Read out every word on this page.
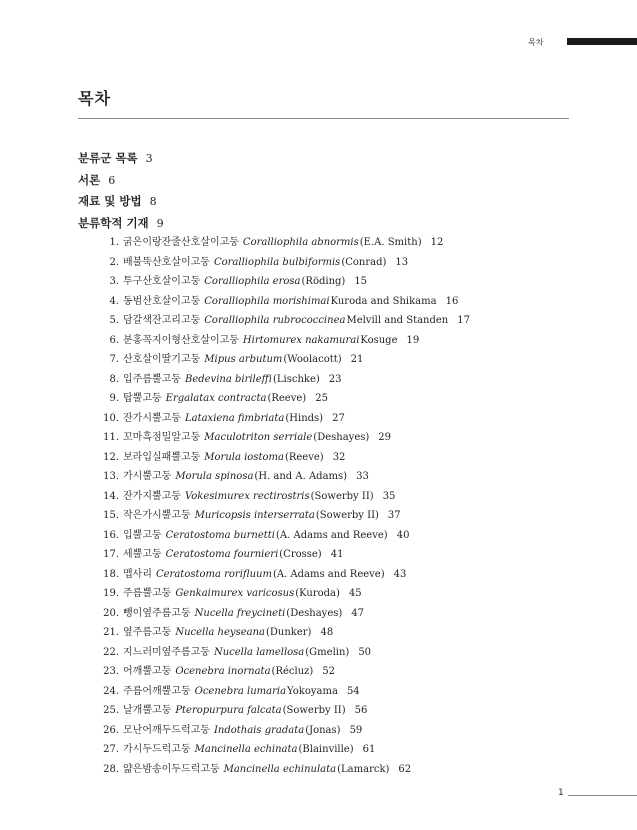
목차
목차
분류군 목록 3
서론 6
재료 및 방법 8
분류학적 기재 9
1. 굵은이랑잔줄산호살이고둥 Coralliophila abnormis(E.A. Smith) 12
2. 배불뚝산호살이고둥 Coralliophila bulbiformis(Conrad) 13
3. 투구산호살이고둥 Coralliophila erosa(Röding) 15
4. 동범산호살이고둥 Coralliophila morishimaiKuroda and Shikama 16
5. 담갈색잔고리고둥 Coralliophila rubrococcineaMelvill and Standen 17
6. 분홍꼭지이형산호살이고둥 Hirtomurex nakamuraiKosuge 19
7. 산호살이딸기고둥 Mipus arbutum(Woolacott) 21
8. 입주름뿔고둥 Bedevina birileffi(Lischke) 23
9. 탑뿔고둥 Ergalatax contracta(Reeve) 25
10. 잔가시뿔고둥 Lataxiena fimbriata(Hinds) 27
11. 꼬마흑점밀알고둥 Maculotriton serriale(Deshayes) 29
12. 보라입실패뿔고둥 Morula iostoma(Reeve) 32
13. 가시뿔고둥 Morula spinosa(H. and A. Adams) 33
14. 잔가지뿔고둥 Vokesimurex rectirostris(Sowerby II) 35
15. 작은가시뿔고둥 Muricopsis interserrata(Sowerby II) 37
16. 입뿔고둥 Ceratostoma burnetti(A. Adams and Reeve) 40
17. 세뿔고둥 Ceratostoma fournieri(Crosse) 41
18. 맵사리 Ceratostoma rorifluum(A. Adams and Reeve) 43
19. 주름뿔고둥 Genkaimurex varicosus(Kuroda) 45
20. 뺑이옆주름고둥 Nucella freycineti(Deshayes) 47
21. 옆주름고둥 Nucella heyseana(Dunker) 48
22. 지느러미옆주름고둥 Nucella lamellosa(Gmelin) 50
23. 어깨뿔고둥 Ocenebra inornata(Récluz) 52
24. 주름어깨뿔고둥 Ocenebra lumariaYokoyama 54
25. 날개뿔고둥 Pteropurpura falcata(Sowerby II) 56
26. 모난어깨두드럭고둥 Indothais gradata(Jonas) 59
27. 가시두드럭고둥 Mancinella echinata(Blainville) 61
28. 얇은밤송이두드럭고둥 Mancinella echinulata(Lamarck) 62
1
